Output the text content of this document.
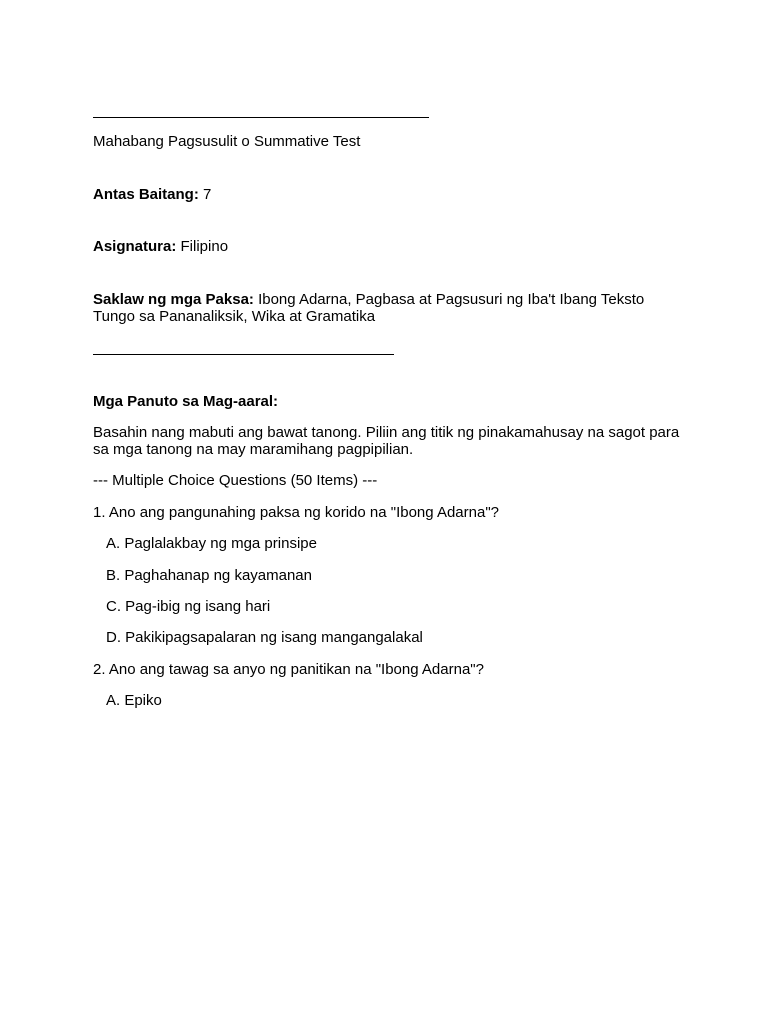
Mahabang Pagsusulit o Summative Test
Antas Baitang: 7
Asignatura: Filipino
Saklaw ng mga Paksa: Ibong Adarna, Pagbasa at Pagsusuri ng Iba't Ibang Teksto Tungo sa Pananaliksik, Wika at Gramatika
Mga Panuto sa Mag-aaral:
Basahin nang mabuti ang bawat tanong. Piliin ang titik ng pinakamahusay na sagot para sa mga tanong na may maramihang pagpipilian.
--- Multiple Choice Questions (50 Items) ---
1. Ano ang pangunahing paksa ng korido na "Ibong Adarna"?
A. Paglalakbay ng mga prinsipe
B. Paghahanap ng kayamanan
C. Pag-ibig ng isang hari
D. Pakikipagsapalaran ng isang mangangalakal
2. Ano ang tawag sa anyo ng panitikan na "Ibong Adarna"?
A. Epiko
